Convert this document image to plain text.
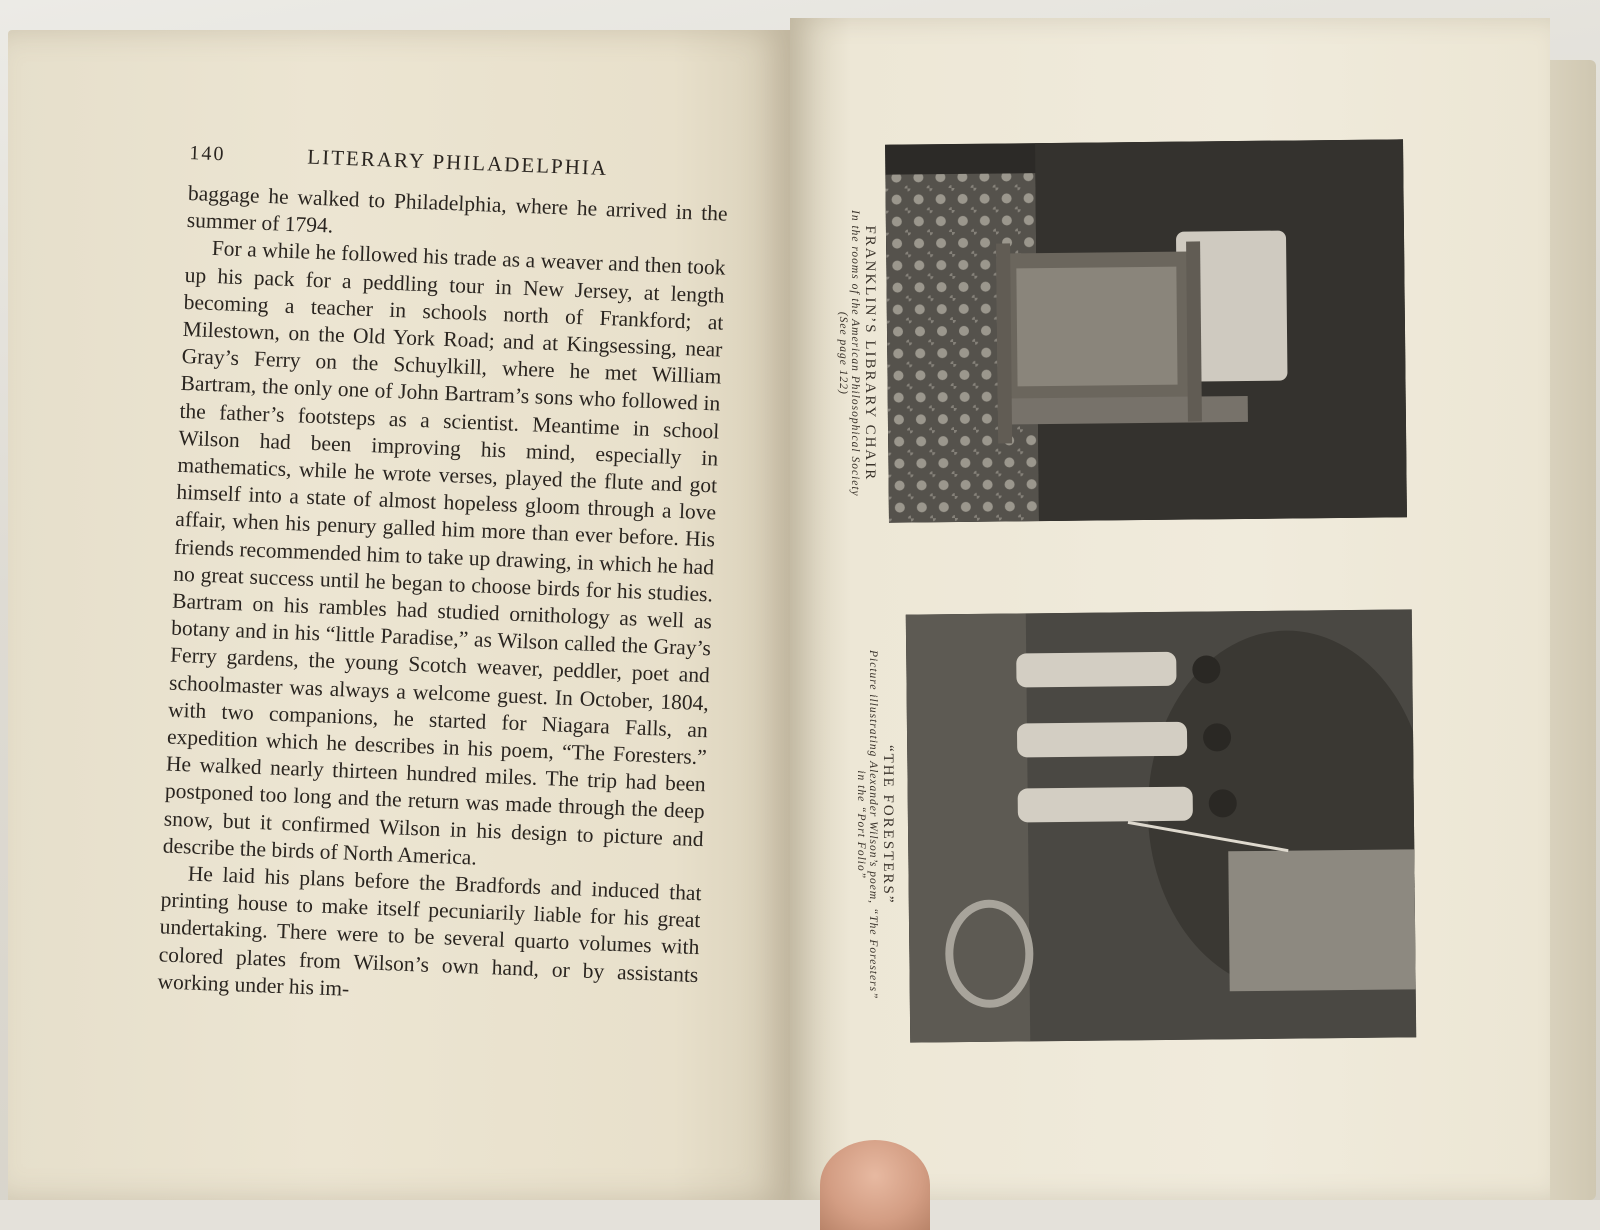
140	LITERARY PHILADELPHIA

baggage he walked to Philadelphia, where he arrived in the summer of 1794.

For a while he followed his trade as a weaver and then took up his pack for a peddling tour in New Jersey, at length becoming a teacher in schools north of Frankford; at Milestown, on the Old York Road; and at Kingsessing, near Gray’s Ferry on the Schuylkill, where he met William Bartram, the only one of John Bartram’s sons who followed in the father’s footsteps as a scientist. Meantime in school Wilson had been improving his mind, especially in mathematics, while he wrote verses, played the flute and got himself into a state of almost hopeless gloom through a love affair, when his penury galled him more than ever before. His friends recommended him to take up drawing, in which he had no great success until he began to choose birds for his studies. Bartram on his rambles had studied ornithology as well as botany and in his “little Paradise,” as Wilson called the Gray’s Ferry gardens, the young Scotch weaver, peddler, poet and schoolmaster was always a welcome guest. In October, 1804, with two companions, he started for Niagara Falls, an expedition which he describes in his poem, “The Foresters.” He walked nearly thirteen hundred miles. The trip had been postponed too long and the return was made through the deep snow, but it confirmed Wilson in his design to picture and describe the birds of North America.

He laid his plans before the Bradfords and induced that printing house to make itself pecuniarily liable for his great undertaking. There were to be several quarto volumes with colored plates from Wilson’s own hand, or by assistants working under his im-

FRANKLIN’S LIBRARY CHAIR
In the rooms of the American Philosophical Society
(See page 122)
“THE FORESTERS”
Picture illustrating Alexander Wilson’s poem, “The Foresters”
in the “Port Folio”
